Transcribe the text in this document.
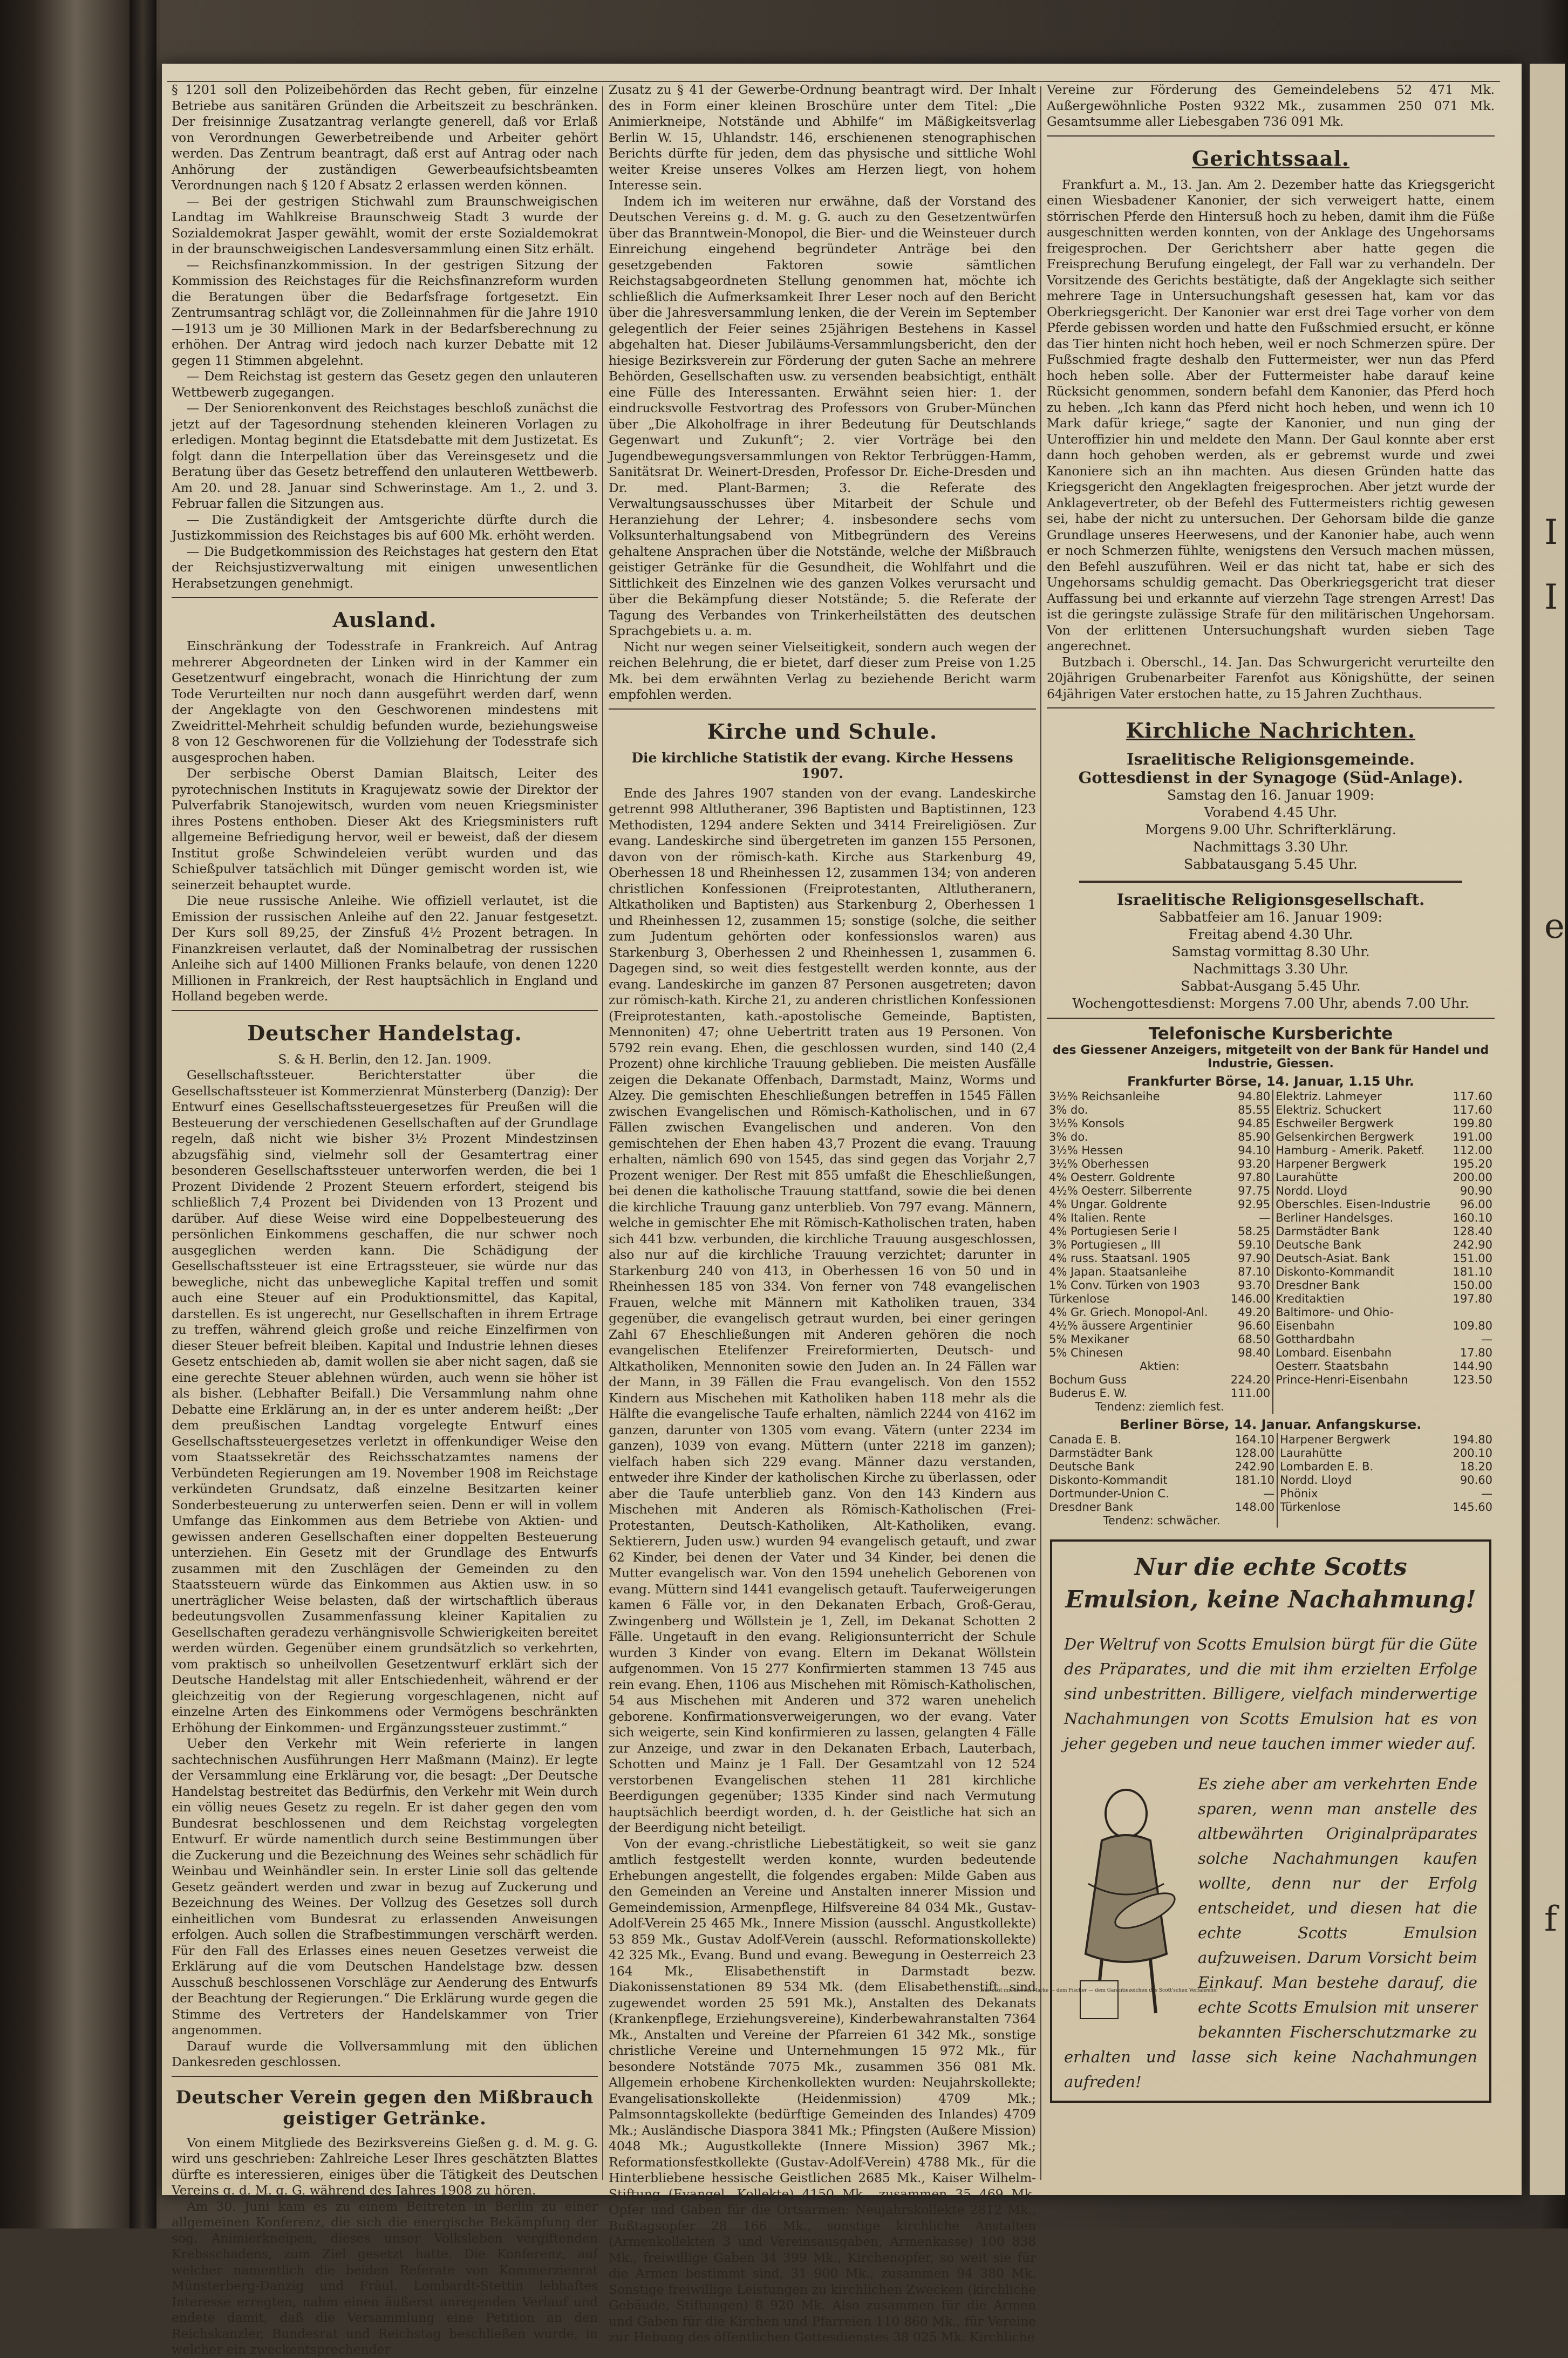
I
I
e
f

§ 1201 soll den Polizeibehörden das Recht geben, für einzelne Betriebe aus sanitären Gründen die Arbeitszeit zu beschränken. Der freisinnige Zusatzantrag verlangte generell, daß vor Erlaß von Verordnungen Gewerbetreibende und Arbeiter gehört werden. Das Zentrum beantragt, daß erst auf Antrag oder nach Anhörung der zuständigen Gewerbeaufsichtsbeamten Verordnungen nach § 120 f Absatz 2 erlassen werden können.

— Bei der gestrigen Stichwahl zum Braunschweigischen Landtag im Wahlkreise Braunschweig Stadt 3 wurde der Sozialdemokrat Jasper gewählt, womit der erste Sozialdemokrat in der braunschweigischen Landesversammlung einen Sitz erhält.

— Reichsfinanzkommission. In der gestrigen Sitzung der Kommission des Reichstages für die Reichsfinanzreform wurden die Beratungen über die Bedarfsfrage fortgesetzt. Ein Zentrumsantrag schlägt vor, die Zolleinnahmen für die Jahre 1910—1913 um je 30 Millionen Mark in der Bedarfsberechnung zu erhöhen. Der Antrag wird jedoch nach kurzer Debatte mit 12 gegen 11 Stimmen abgelehnt.

— Dem Reichstag ist gestern das Gesetz gegen den unlauteren Wettbewerb zugegangen.

— Der Seniorenkonvent des Reichstages beschloß zunächst die jetzt auf der Tagesordnung stehenden kleineren Vorlagen zu erledigen. Montag beginnt die Etatsdebatte mit dem Justizetat. Es folgt dann die Interpellation über das Vereinsgesetz und die Beratung über das Gesetz betreffend den unlauteren Wettbewerb. Am 20. und 28. Januar sind Schwerinstage. Am 1., 2. und 3. Februar fallen die Sitzungen aus.

— Die Zuständigkeit der Amtsgerichte dürfte durch die Justizkommission des Reichstages bis auf 600 Mk. erhöht werden.

— Die Budgetkommission des Reichstages hat gestern den Etat der Reichsjustizverwaltung mit einigen unwesentlichen Herabsetzungen genehmigt.

Ausland.

Einschränkung der Todesstrafe in Frankreich. Auf Antrag mehrerer Abgeordneten der Linken wird in der Kammer ein Gesetzentwurf eingebracht, wonach die Hinrichtung der zum Tode Verurteilten nur noch dann ausgeführt werden darf, wenn der Angeklagte von den Geschworenen mindestens mit Zweidrittel-Mehrheit schuldig befunden wurde, beziehungsweise 8 von 12 Geschworenen für die Vollziehung der Todesstrafe sich ausgesprochen haben.

Der serbische Oberst Damian Blaitsch, Leiter des pyrotechnischen Instituts in Kragujewatz sowie der Direktor der Pulverfabrik Stanojewitsch, wurden vom neuen Kriegsminister ihres Postens enthoben. Dieser Akt des Kriegsministers ruft allgemeine Befriedigung hervor, weil er beweist, daß der diesem Institut große Schwindeleien verübt wurden und das Schießpulver tatsächlich mit Dünger gemischt worden ist, wie seinerzeit behauptet wurde.

Die neue russische Anleihe. Wie offiziell verlautet, ist die Emission der russischen Anleihe auf den 22. Januar festgesetzt. Der Kurs soll 89,25, der Zinsfuß 4½ Prozent betragen. In Finanzkreisen verlautet, daß der Nominalbetrag der russischen Anleihe sich auf 1400 Millionen Franks belaufe, von denen 1220 Millionen in Frankreich, der Rest hauptsächlich in England und Holland begeben werde.

Deutscher Handelstag.

S. & H. Berlin, den 12. Jan. 1909.

Gesellschaftssteuer. Berichterstatter über die Gesellschaftssteuer ist Kommerzienrat Münsterberg (Danzig): Der Entwurf eines Gesellschaftssteuergesetzes für Preußen will die Besteuerung der verschiedenen Gesellschaften auf der Grundlage regeln, daß nicht wie bisher 3½ Prozent Mindestzinsen abzugsfähig sind, vielmehr soll der Gesamtertrag einer besonderen Gesellschaftssteuer unterworfen werden, die bei 1 Prozent Dividende 2 Prozent Steuern erfordert, steigend bis schließlich 7,4 Prozent bei Dividenden von 13 Prozent und darüber. Auf diese Weise wird eine Doppelbesteuerung des persönlichen Einkommens geschaffen, die nur schwer noch ausgeglichen werden kann. Die Schädigung der Gesellschaftssteuer ist eine Ertragssteuer, sie würde nur das bewegliche, nicht das unbewegliche Kapital treffen und somit auch eine Steuer auf ein Produktionsmittel, das Kapital, darstellen. Es ist ungerecht, nur Gesellschaften in ihrem Ertrage zu treffen, während gleich große und reiche Einzelfirmen von dieser Steuer befreit bleiben. Kapital und Industrie lehnen dieses Gesetz entschieden ab, damit wollen sie aber nicht sagen, daß sie eine gerechte Steuer ablehnen würden, auch wenn sie höher ist als bisher. (Lebhafter Beifall.) Die Versammlung nahm ohne Debatte eine Erklärung an, in der es unter anderem heißt: „Der dem preußischen Landtag vorgelegte Entwurf eines Gesellschaftssteuergesetzes verletzt in offenkundiger Weise den vom Staatssekretär des Reichsschatzamtes namens der Verbündeten Regierungen am 19. November 1908 im Reichstage verkündeten Grundsatz, daß einzelne Besitzarten keiner Sonderbesteuerung zu unterwerfen seien. Denn er will in vollem Umfange das Einkommen aus dem Betriebe von Aktien- und gewissen anderen Gesellschaften einer doppelten Besteuerung unterziehen. Ein Gesetz mit der Grundlage des Entwurfs zusammen mit den Zuschlägen der Gemeinden zu den Staatssteuern würde das Einkommen aus Aktien usw. in so unerträglicher Weise belasten, daß der wirtschaftlich überaus bedeutungsvollen Zusammenfassung kleiner Kapitalien zu Gesellschaften geradezu verhängnisvolle Schwierigkeiten bereitet werden würden. Gegenüber einem grundsätzlich so verkehrten, vom praktisch so unheilvollen Gesetzentwurf erklärt sich der Deutsche Handelstag mit aller Entschiedenheit, während er der gleichzeitig von der Regierung vorgeschlagenen, nicht auf einzelne Arten des Einkommens oder Vermögens beschränkten Erhöhung der Einkommen- und Ergänzungssteuer zustimmt.“

Ueber den Verkehr mit Wein referierte in langen sachtechnischen Ausführungen Herr Maßmann (Mainz). Er legte der Versammlung eine Erklärung vor, die besagt: „Der Deutsche Handelstag bestreitet das Bedürfnis, den Verkehr mit Wein durch ein völlig neues Gesetz zu regeln. Er ist daher gegen den vom Bundesrat beschlossenen und dem Reichstag vorgelegten Entwurf. Er würde namentlich durch seine Bestimmungen über die Zuckerung und die Bezeichnung des Weines sehr schädlich für Weinbau und Weinhändler sein. In erster Linie soll das geltende Gesetz geändert werden und zwar in bezug auf Zuckerung und Bezeichnung des Weines. Der Vollzug des Gesetzes soll durch einheitlichen vom Bundesrat zu erlassenden Anweisungen erfolgen. Auch sollen die Strafbestimmungen verschärft werden. Für den Fall des Erlasses eines neuen Gesetzes verweist die Erklärung auf die vom Deutschen Handelstage bzw. dessen Ausschuß beschlossenen Vorschläge zur Aenderung des Entwurfs der Beachtung der Regierungen.“ Die Erklärung wurde gegen die Stimme des Vertreters der Handelskammer von Trier angenommen.

Darauf wurde die Vollversammlung mit den üblichen Dankesreden geschlossen.

Deutscher Verein gegen den Mißbrauch geistiger Getränke.

Von einem Mitgliede des Bezirksvereins Gießen g. d. M. g. G. wird uns geschrieben: Zahlreiche Leser Ihres geschätzten Blattes dürfte es interessieren, einiges über die Tätigkeit des Deutschen Vereins g. d. M. g. G. während des Jahres 1908 zu hören.

Am 30. Juni kam es zu einem Beitreten in Berlin zu einer allgemeinen Konferenz, die sich die energische Bekämpfung der sog. Animierkneipen, dieses unser Volksleben vergiftenden Krebsschadens, zum Ziel gesetzt hatte. Die Konferenz, auf welcher namentlich die beiden Referate von Kommerzienrat Münsterberg-Danzig und Fräul. Lombardt-Stettin lebhaftes Interesse erregten, nahm einen äußerst anregenden Verlauf und endete damit, daß die Versammlung eine Petition an den Reichskanzler, Bundesrat und Reichstag beschließen wurde, in welcher ein zweckentsprechender

Zusatz zu § 41 der Gewerbe-Ordnung beantragt wird. Der Inhalt des in Form einer kleinen Broschüre unter dem Titel: „Die Animierkneipe, Notstände und Abhilfe“ im Mäßigkeitsverlag Berlin W. 15, Uhlandstr. 146, erschienenen stenographischen Berichts dürfte für jeden, dem das physische und sittliche Wohl weiter Kreise unseres Volkes am Herzen liegt, von hohem Interesse sein.

Indem ich im weiteren nur erwähne, daß der Vorstand des Deutschen Vereins g. d. M. g. G. auch zu den Gesetzentwürfen über das Branntwein-Monopol, die Bier- und die Weinsteuer durch Einreichung eingehend begründeter Anträge bei den gesetzgebenden Faktoren sowie sämtlichen Reichstagsabgeordneten Stellung genommen hat, möchte ich schließlich die Aufmerksamkeit Ihrer Leser noch auf den Bericht über die Jahresversammlung lenken, die der Verein im September gelegentlich der Feier seines 25jährigen Bestehens in Kassel abgehalten hat. Dieser Jubiläums-Versammlungsbericht, den der hiesige Bezirksverein zur Förderung der guten Sache an mehrere Behörden, Gesellschaften usw. zu versenden beabsichtigt, enthält eine Fülle des Interessanten. Erwähnt seien hier: 1. der eindrucksvolle Festvortrag des Professors von Gruber-München über „Die Alkoholfrage in ihrer Bedeutung für Deutschlands Gegenwart und Zukunft“; 2. vier Vorträge bei den Jugendbewegungsversammlungen von Rektor Terbrüggen-Hamm, Sanitätsrat Dr. Weinert-Dresden, Professor Dr. Eiche-Dresden und Dr. med. Plant-Barmen; 3. die Referate des Verwaltungsausschusses über Mitarbeit der Schule und Heranziehung der Lehrer; 4. insbesondere sechs vom Volksunterhaltungsabend von Mitbegründern des Vereins gehaltene Ansprachen über die Notstände, welche der Mißbrauch geistiger Getränke für die Gesundheit, die Wohlfahrt und die Sittlichkeit des Einzelnen wie des ganzen Volkes verursacht und über die Bekämpfung dieser Notstände; 5. die Referate der Tagung des Verbandes von Trinkerheilstätten des deutschen Sprachgebiets u. a. m.

Nicht nur wegen seiner Vielseitigkeit, sondern auch wegen der reichen Belehrung, die er bietet, darf dieser zum Preise von 1.25 Mk. bei dem erwähnten Verlag zu beziehende Bericht warm empfohlen werden.

Kirche und Schule.
Die kirchliche Statistik der evang. Kirche Hessens 1907.

Ende des Jahres 1907 standen von der evang. Landeskirche getrennt 998 Altlutheraner, 396 Baptisten und Baptistinnen, 123 Methodisten, 1294 andere Sekten und 3414 Freireligiösen. Zur evang. Landeskirche sind übergetreten im ganzen 155 Personen, davon von der römisch-kath. Kirche aus Starkenburg 49, Oberhessen 18 und Rheinhessen 12, zusammen 134; von anderen christlichen Konfessionen (Freiprotestanten, Altlutheranern, Altkatholiken und Baptisten) aus Starkenburg 2, Oberhessen 1 und Rheinhessen 12, zusammen 15; sonstige (solche, die seither zum Judentum gehörten oder konfessionslos waren) aus Starkenburg 3, Oberhessen 2 und Rheinhessen 1, zusammen 6. Dagegen sind, so weit dies festgestellt werden konnte, aus der evang. Landeskirche im ganzen 87 Personen ausgetreten; davon zur römisch-kath. Kirche 21, zu anderen christlichen Konfessionen (Freiprotestanten, kath.-apostolische Gemeinde, Baptisten, Mennoniten) 47; ohne Uebertritt traten aus 19 Personen. Von 5792 rein evang. Ehen, die geschlossen wurden, sind 140 (2,4 Prozent) ohne kirchliche Trauung geblieben. Die meisten Ausfälle zeigen die Dekanate Offenbach, Darmstadt, Mainz, Worms und Alzey. Die gemischten Eheschließungen betreffen in 1545 Fällen zwischen Evangelischen und Römisch-Katholischen, und in 67 Fällen zwischen Evangelischen und anderen. Von den gemischtehen der Ehen haben 43,7 Prozent die evang. Trauung erhalten, nämlich 690 von 1545, das sind gegen das Vorjahr 2,7 Prozent weniger. Der Rest mit 855 umfaßt die Eheschließungen, bei denen die katholische Trauung stattfand, sowie die bei denen die kirchliche Trauung ganz unterblieb. Von 797 evang. Männern, welche in gemischter Ehe mit Römisch-Katholischen traten, haben sich 441 bzw. verbunden, die kirchliche Trauung ausgeschlossen, also nur auf die kirchliche Trauung verzichtet; darunter in Starkenburg 240 von 413, in Oberhessen 16 von 50 und in Rheinhessen 185 von 334. Von ferner von 748 evangelischen Frauen, welche mit Männern mit Katholiken trauen, 334 gegenüber, die evangelisch getraut wurden, bei einer geringen Zahl 67 Eheschließungen mit Anderen gehören die noch evangelischen Etelifenzer Freireformierten, Deutsch- und Altkatholiken, Mennoniten sowie den Juden an. In 24 Fällen war der Mann, in 39 Fällen die Frau evangelisch. Von den 1552 Kindern aus Mischehen mit Katholiken haben 118 mehr als die Hälfte die evangelische Taufe erhalten, nämlich 2244 von 4162 im ganzen, darunter von 1305 vom evang. Vätern (unter 2234 im ganzen), 1039 von evang. Müttern (unter 2218 im ganzen); vielfach haben sich 229 evang. Männer dazu verstanden, entweder ihre Kinder der katholischen Kirche zu überlassen, oder aber die Taufe unterblieb ganz. Von den 143 Kindern aus Mischehen mit Anderen als Römisch-Katholischen (Frei-Protestanten, Deutsch-Katholiken, Alt-Katholiken, evang. Sektierern, Juden usw.) wurden 94 evangelisch getauft, und zwar 62 Kinder, bei denen der Vater und 34 Kinder, bei denen die Mutter evangelisch war. Von den 1594 unehelich Geborenen von evang. Müttern sind 1441 evangelisch getauft. Tauferweigerungen kamen 6 Fälle vor, in den Dekanaten Erbach, Groß-Gerau, Zwingenberg und Wöllstein je 1, Zell, im Dekanat Schotten 2 Fälle. Ungetauft in den evang. Religionsunterricht der Schule wurden 3 Kinder von evang. Eltern im Dekanat Wöllstein aufgenommen. Von 15 277 Konfirmierten stammen 13 745 aus rein evang. Ehen, 1106 aus Mischehen mit Römisch-Katholischen, 54 aus Mischehen mit Anderen und 372 waren unehelich geborene. Konfirmationsverweigerungen, wo der evang. Vater sich weigerte, sein Kind konfirmieren zu lassen, gelangten 4 Fälle zur Anzeige, und zwar in den Dekanaten Erbach, Lauterbach, Schotten und Mainz je 1 Fall. Der Gesamtzahl von 12 524 verstorbenen Evangelischen stehen 11 281 kirchliche Beerdigungen gegenüber; 1335 Kinder sind nach Vermutung hauptsächlich beerdigt worden, d. h. der Geistliche hat sich an der Beerdigung nicht beteiligt.

Von der evang.-christliche Liebestätigkeit, so weit sie ganz amtlich festgestellt werden konnte, wurden bedeutende Erhebungen angestellt, die folgendes ergaben: Milde Gaben aus den Gemeinden an Vereine und Anstalten innerer Mission und Gemeindemission, Armenpflege, Hilfsvereine 84 034 Mk., Gustav-Adolf-Verein 25 465 Mk., Innere Mission (ausschl. Angustkollekte) 53 859 Mk., Gustav Adolf-Verein (ausschl. Reformationskollekte) 42 325 Mk., Evang. Bund und evang. Bewegung in Oesterreich 23 164 Mk., Elisabethenstift in Darmstadt bezw. Diakonissenstationen 89 534 Mk. (dem Elisabethenstift sind zugewendet worden 25 591 Mk.), Anstalten des Dekanats (Krankenpflege, Erziehungsvereine), Kinderbewahranstalten 7364 Mk., Anstalten und Vereine der Pfarreien 61 342 Mk., sonstige christliche Vereine und Unternehmungen 15 972 Mk., für besondere Notstände 7075 Mk., zusammen 356 081 Mk. Allgemein erhobene Kirchenkollekten wurden: Neujahrskollekte; Evangelisationskollekte (Heidenmission) 4709 Mk.; Palmsonntagskollekte (bedürftige Gemeinden des Inlandes) 4709 Mk.; Ausländische Diaspora 3841 Mk.; Pfingsten (Außere Mission) 4048 Mk.; Augustkollekte (Innere Mission) 3967 Mk.; Reformationsfestkollekte (Gustav-Adolf-Verein) 4788 Mk., für die Hinterbliebene hessische Geistlichen 2685 Mk., Kaiser Wilhelm-Stiftung (Evangel. Kollekte) 4150 Mk., zusammen 35 469 Mk. Opfer und Gaben für die Ortsarmen: Neujahrskollekte 2812 Mk., Bußtagsopfer 28 166 Mk., sonstige kirchliche Anstalten (Armenkollekten 3 und Vereinsausgaben, Armenkasse) 100 838 Mk., freiwillige Gaben 34 399 Mk., Kirchenopfer, so weit sie für die Armen bestimmt sind, 31 900 Mk., zusammen 94 380 Mk. Sonstige freiwillige Leistungen zu kirchlichen Zwecken (kirchliche Gebäude, Stiftungen) 8 920 Mk. Also zusammen für die Armen und Gaben für die Kirchen und Pfarreien 110 860 Mk., für Vereine zur Hebung des öffentlichen Gottesdienstes 38 025 Mk. Kirchliche

Vereine zur Förderung des Gemeindelebens 52 471 Mk. Außergewöhnliche Posten 9322 Mk., zusammen 250 071 Mk. Gesamtsumme aller Liebesgaben 736 091 Mk.

Gerichtssaal.

Frankfurt a. M., 13. Jan. Am 2. Dezember hatte das Kriegsgericht einen Wiesbadener Kanonier, der sich verweigert hatte, einem störrischen Pferde den Hintersuß hoch zu heben, damit ihm die Füße ausgeschnitten werden konnten, von der Anklage des Ungehorsams freigesprochen. Der Gerichtsherr aber hatte gegen die Freisprechung Berufung eingelegt, der Fall war zu verhandeln. Der Vorsitzende des Gerichts bestätigte, daß der Angeklagte sich seither mehrere Tage in Untersuchungshaft gesessen hat, kam vor das Oberkriegsgericht. Der Kanonier war erst drei Tage vorher von dem Pferde gebissen worden und hatte den Fußschmied ersucht, er könne das Tier hinten nicht hoch heben, weil er noch Schmerzen spüre. Der Fußschmied fragte deshalb den Futtermeister, wer nun das Pferd hoch heben solle. Aber der Futtermeister habe darauf keine Rücksicht genommen, sondern befahl dem Kanonier, das Pferd hoch zu heben. „Ich kann das Pferd nicht hoch heben, und wenn ich 10 Mark dafür kriege,“ sagte der Kanonier, und nun ging der Unteroffizier hin und meldete den Mann. Der Gaul konnte aber erst dann hoch gehoben werden, als er gebremst wurde und zwei Kanoniere sich an ihn machten. Aus diesen Gründen hatte das Kriegsgericht den Angeklagten freigesprochen. Aber jetzt wurde der Anklagevertreter, ob der Befehl des Futtermeisters richtig gewesen sei, habe der nicht zu untersuchen. Der Gehorsam bilde die ganze Grundlage unseres Heerwesens, und der Kanonier habe, auch wenn er noch Schmerzen fühlte, wenigstens den Versuch machen müssen, den Befehl auszuführen. Weil er das nicht tat, habe er sich des Ungehorsams schuldig gemacht. Das Oberkriegsgericht trat dieser Auffassung bei und erkannte auf vierzehn Tage strengen Arrest! Das ist die geringste zulässige Strafe für den militärischen Ungehorsam. Von der erlittenen Untersuchungshaft wurden sieben Tage angerechnet.

Butzbach i. Oberschl., 14. Jan. Das Schwurgericht verurteilte den 20jährigen Grubenarbeiter Farenfot aus Königshütte, der seinen 64jährigen Vater erstochen hatte, zu 15 Jahren Zuchthaus.

Kirchliche Nachrichten.
Israelitische Religionsgemeinde.
Gottesdienst in der Synagoge (Süd-Anlage).
Samstag den 16. Januar 1909:
Vorabend 4.45 Uhr.
Morgens 9.00 Uhr. Schrifterklärung.
Nachmittags 3.30 Uhr.
Sabbatausgang 5.45 Uhr.
Israelitische Religionsgesellschaft.
Sabbatfeier am 16. Januar 1909:
Freitag abend 4.30 Uhr.
Samstag vormittag 8.30 Uhr.
Nachmittags 3.30 Uhr.
Sabbat-Ausgang 5.45 Uhr.
Wochengottesdienst: Morgens 7.00 Uhr, abends 7.00 Uhr.
Telefonische Kursberichte
des Giessener Anzeigers, mitgeteilt von der Bank für Handel und Industrie, Giessen.
Frankfurter Börse, 14. Januar, 1.15 Uhr.
3½% Reichsanleihe	94.80	Elektriz. Lahmeyer	117.60
3% do.	85.55	Elektriz. Schuckert	117.60
3½% Konsols	94.85	Eschweiler Bergwerk	199.80
3% do.	85.90	Gelsenkirchen Bergwerk	191.00
3½% Hessen	94.10	Hamburg - Amerik. Paketf.	112.00
3½% Oberhessen	93.20	Harpener Bergwerk	195.20
4% Oesterr. Goldrente	97.80	Laurahütte	200.00
4½% Oesterr. Silberrente	97.75	Nordd. Lloyd	90.90
4% Ungar. Goldrente	92.95	Oberschles. Eisen-Industrie	96.00
4% Italien. Rente	—	Berliner Handelsges.	160.10
4% Portugiesen Serie I	58.25	Darmstädter Bank	128.40
3% Portugiesen „ III	59.10	Deutsche Bank	242.90
4% russ. Staatsanl. 1905	97.90	Deutsch-Asiat. Bank	151.00
4% Japan. Staatsanleihe	87.10	Diskonto-Kommandit	181.10
1% Conv. Türken von 1903	93.70	Dresdner Bank	150.00
Türkenlose	146.00	Kreditaktien	197.80
4% Gr. Griech. Monopol-Anl.	49.20	Baltimore- und Ohio-	
4½% äussere Argentinier	96.60	Eisenbahn	109.80
5% Mexikaner	68.50	Gotthardbahn	—
5% Chinesen	98.40	Lombard. Eisenbahn	17.80
Aktien:		Oesterr. Staatsbahn	144.90
Bochum Guss	224.20	Prince-Henri-Eisenbahn	123.50
Buderus E. W.	111.00		
Tendenz: ziemlich fest.			
Berliner Börse, 14. Januar. Anfangskurse.
Canada E. B.	164.10	Harpener Bergwerk	194.80
Darmstädter Bank	128.00	Laurahütte	200.10
Deutsche Bank	242.90	Lombarden E. B.	18.20
Diskonto-Kommandit	181.10	Nordd. Lloyd	90.60
Dortmunder-Union C.	—	Phönix	—
Dresdner Bank	148.00	Türkenlose	145.60
Tendenz: schwächer.			
Nur die echte Scotts Emulsion, keine Nachahmung!

Der Weltruf von Scotts Emulsion bürgt für die Güte des Präparates, und die mit ihm erzielten Erfolge sind unbestritten. Billigere, vielfach minderwertige Nachahmungen von Scotts Emulsion hat es von jeher gegeben und neue tauchen immer wieder auf.

Nur echt mit diesem Marke — dem Fischer — dem Garantiezeichen des Scott'schen Verfahrens!

Es ziehe aber am verkehrten Ende sparen, wenn man anstelle des altbewährten Originalpräparates solche Nachahmungen kaufen wollte, denn nur der Erfolg entscheidet, und diesen hat die echte Scotts Emulsion aufzuweisen. Darum Vorsicht beim Einkauf. Man bestehe darauf, die echte Scotts Emulsion mit unserer bekannten Fischerschutzmarke zu erhalten und lasse sich keine Nachahmungen aufreden!
